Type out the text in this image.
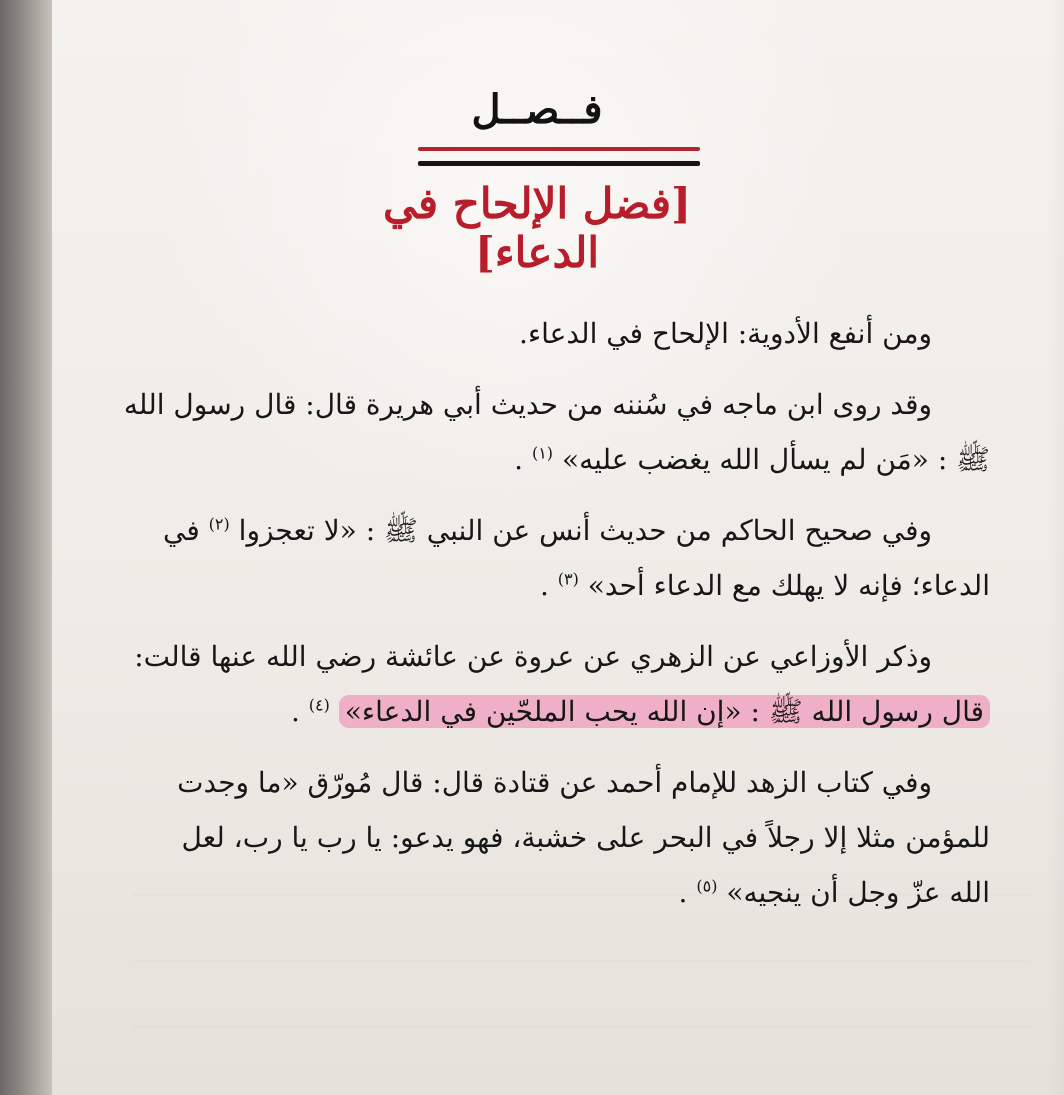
فــصــل
[فضل الإلحاح في الدعاء]
ومن أنفع الأدوية: الإلحاح في الدعاء.
وقد روى ابن ماجه في سُننه من حديث أبي هريرة قال: قال رسول الله
ﷺ : «مَن لم يسأل الله يغضب عليه» $^{(١)}$ .
وفي صحيح الحاكم من حديث أنس عن النبي ﷺ : «لا تعجزوا $^{(٢)}$ في
الدعاء؛ فإنه لا يهلك مع الدعاء أحد» $^{(٣)}$ .
وذكر الأوزاعي عن الزهري عن عروة عن عائشة رضي الله عنها قالت:
قال رسول الله ﷺ : «إن الله يحب الملحّين في الدعاء» $^{(٤)}$ .
وفي كتاب الزهد للإمام أحمد عن قتادة قال: قال مُورّق «ما وجدت
للمؤمن مثلا إلا رجلاً في البحر على خشبة، فهو يدعو: يا رب يا رب، لعل
الله عزّ وجل أن ينجيه» $^{(٥)}$ .
